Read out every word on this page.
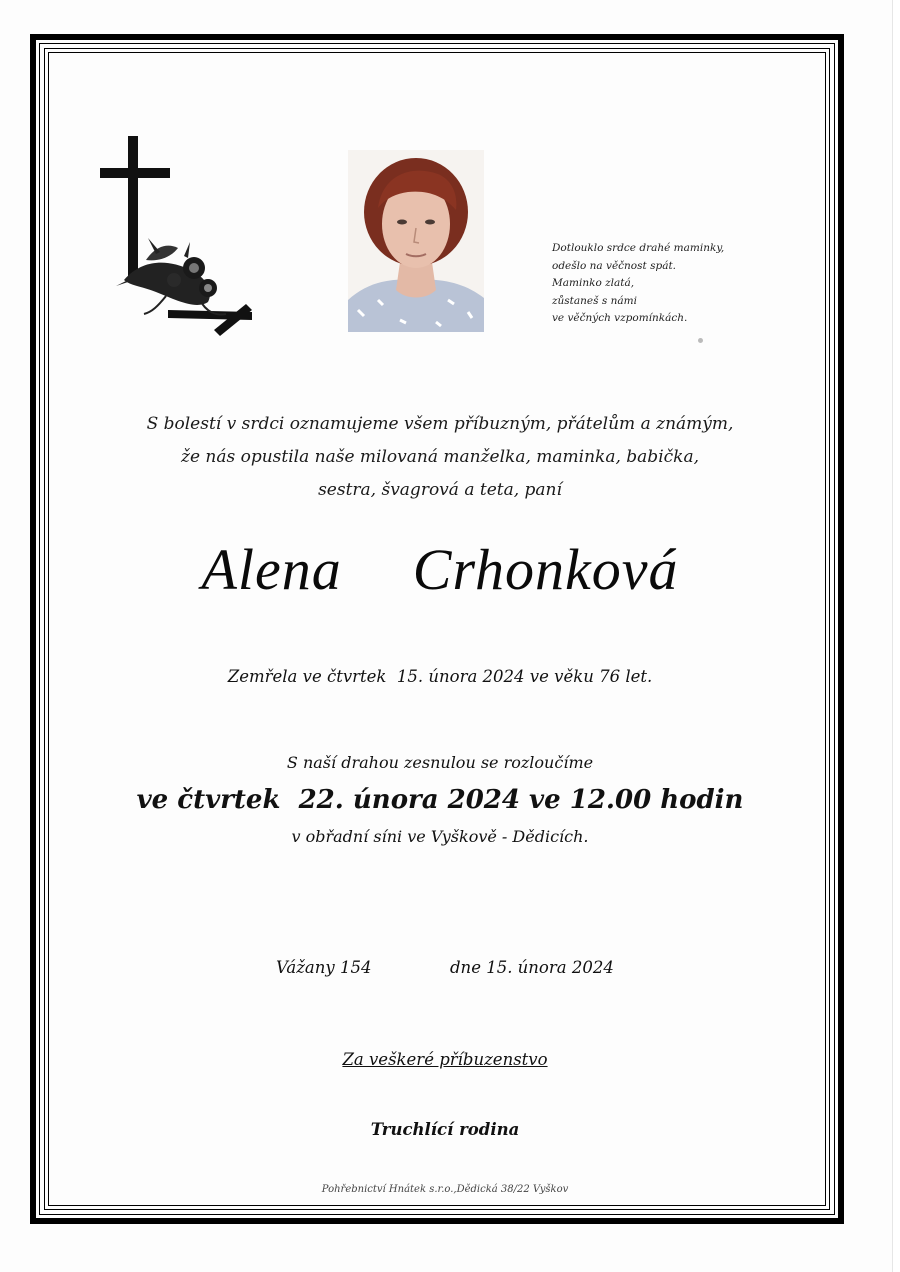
Dotlouklo srdce drahé maminky,
odešlo na věčnost spát.
Maminko zlatá,
zůstaneš s námi
ve věčných vzpomínkách.
S bolestí v srdci oznamujeme všem příbuzným, přátelům a známým,
že nás opustila naše milovaná manželka, maminka, babička,
sestra, švagrová a teta, paní
Alena  Crhonková
Zemřela ve čtvrtek  15. února 2024 ve věku 76 let.
S naší drahou zesnulou se rozloučíme
ve čtvrtek  22. února 2024 ve 12.00 hodin
v obřadní síni ve Vyškově - Dědicích.
Vážany 154	dne 15. února 2024
Za veškeré příbuzenstvo
Truchlící rodina
Pohřebnictví Hnátek s.r.o.,Dědická 38/22 Vyškov
